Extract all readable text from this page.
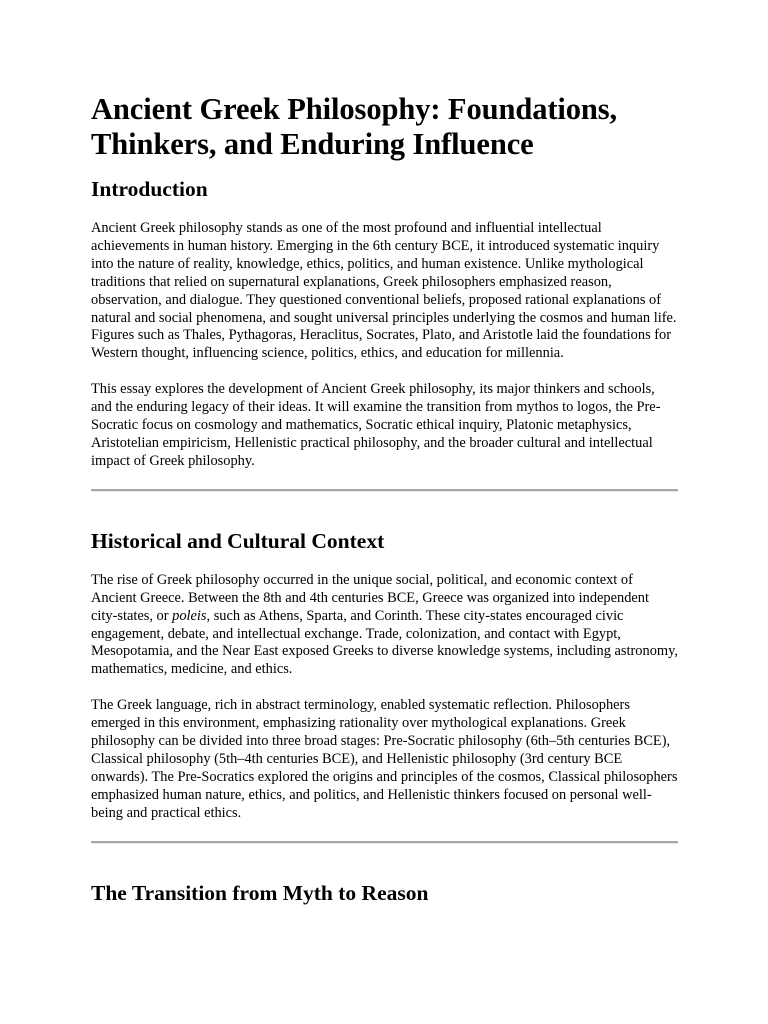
Ancient Greek Philosophy: Foundations, Thinkers, and Enduring Influence
Introduction

Ancient Greek philosophy stands as one of the most profound and influential intellectual achievements in human history. Emerging in the 6th century BCE, it introduced systematic inquiry into the nature of reality, knowledge, ethics, politics, and human existence. Unlike mythological traditions that relied on supernatural explanations, Greek philosophers emphasized reason, observation, and dialogue. They questioned conventional beliefs, proposed rational explanations of natural and social phenomena, and sought universal principles underlying the cosmos and human life. Figures such as Thales, Pythagoras, Heraclitus, Socrates, Plato, and Aristotle laid the foundations for Western thought, influencing science, politics, ethics, and education for millennia.

This essay explores the development of Ancient Greek philosophy, its major thinkers and schools, and the enduring legacy of their ideas. It will examine the transition from mythos to logos, the Pre-Socratic focus on cosmology and mathematics, Socratic ethical inquiry, Platonic metaphysics, Aristotelian empiricism, Hellenistic practical philosophy, and the broader cultural and intellectual impact of Greek philosophy.

Historical and Cultural Context

The rise of Greek philosophy occurred in the unique social, political, and economic context of Ancient Greece. Between the 8th and 4th centuries BCE, Greece was organized into independent city-states, or poleis, such as Athens, Sparta, and Corinth. These city-states encouraged civic engagement, debate, and intellectual exchange. Trade, colonization, and contact with Egypt, Mesopotamia, and the Near East exposed Greeks to diverse knowledge systems, including astronomy, mathematics, medicine, and ethics.

The Greek language, rich in abstract terminology, enabled systematic reflection. Philosophers emerged in this environment, emphasizing rationality over mythological explanations. Greek philosophy can be divided into three broad stages: Pre-Socratic philosophy (6th–5th centuries BCE), Classical philosophy (5th–4th centuries BCE), and Hellenistic philosophy (3rd century BCE onwards). The Pre-Socratics explored the origins and principles of the cosmos, Classical philosophers emphasized human nature, ethics, and politics, and Hellenistic thinkers focused on personal well-being and practical ethics.

The Transition from Myth to Reason
